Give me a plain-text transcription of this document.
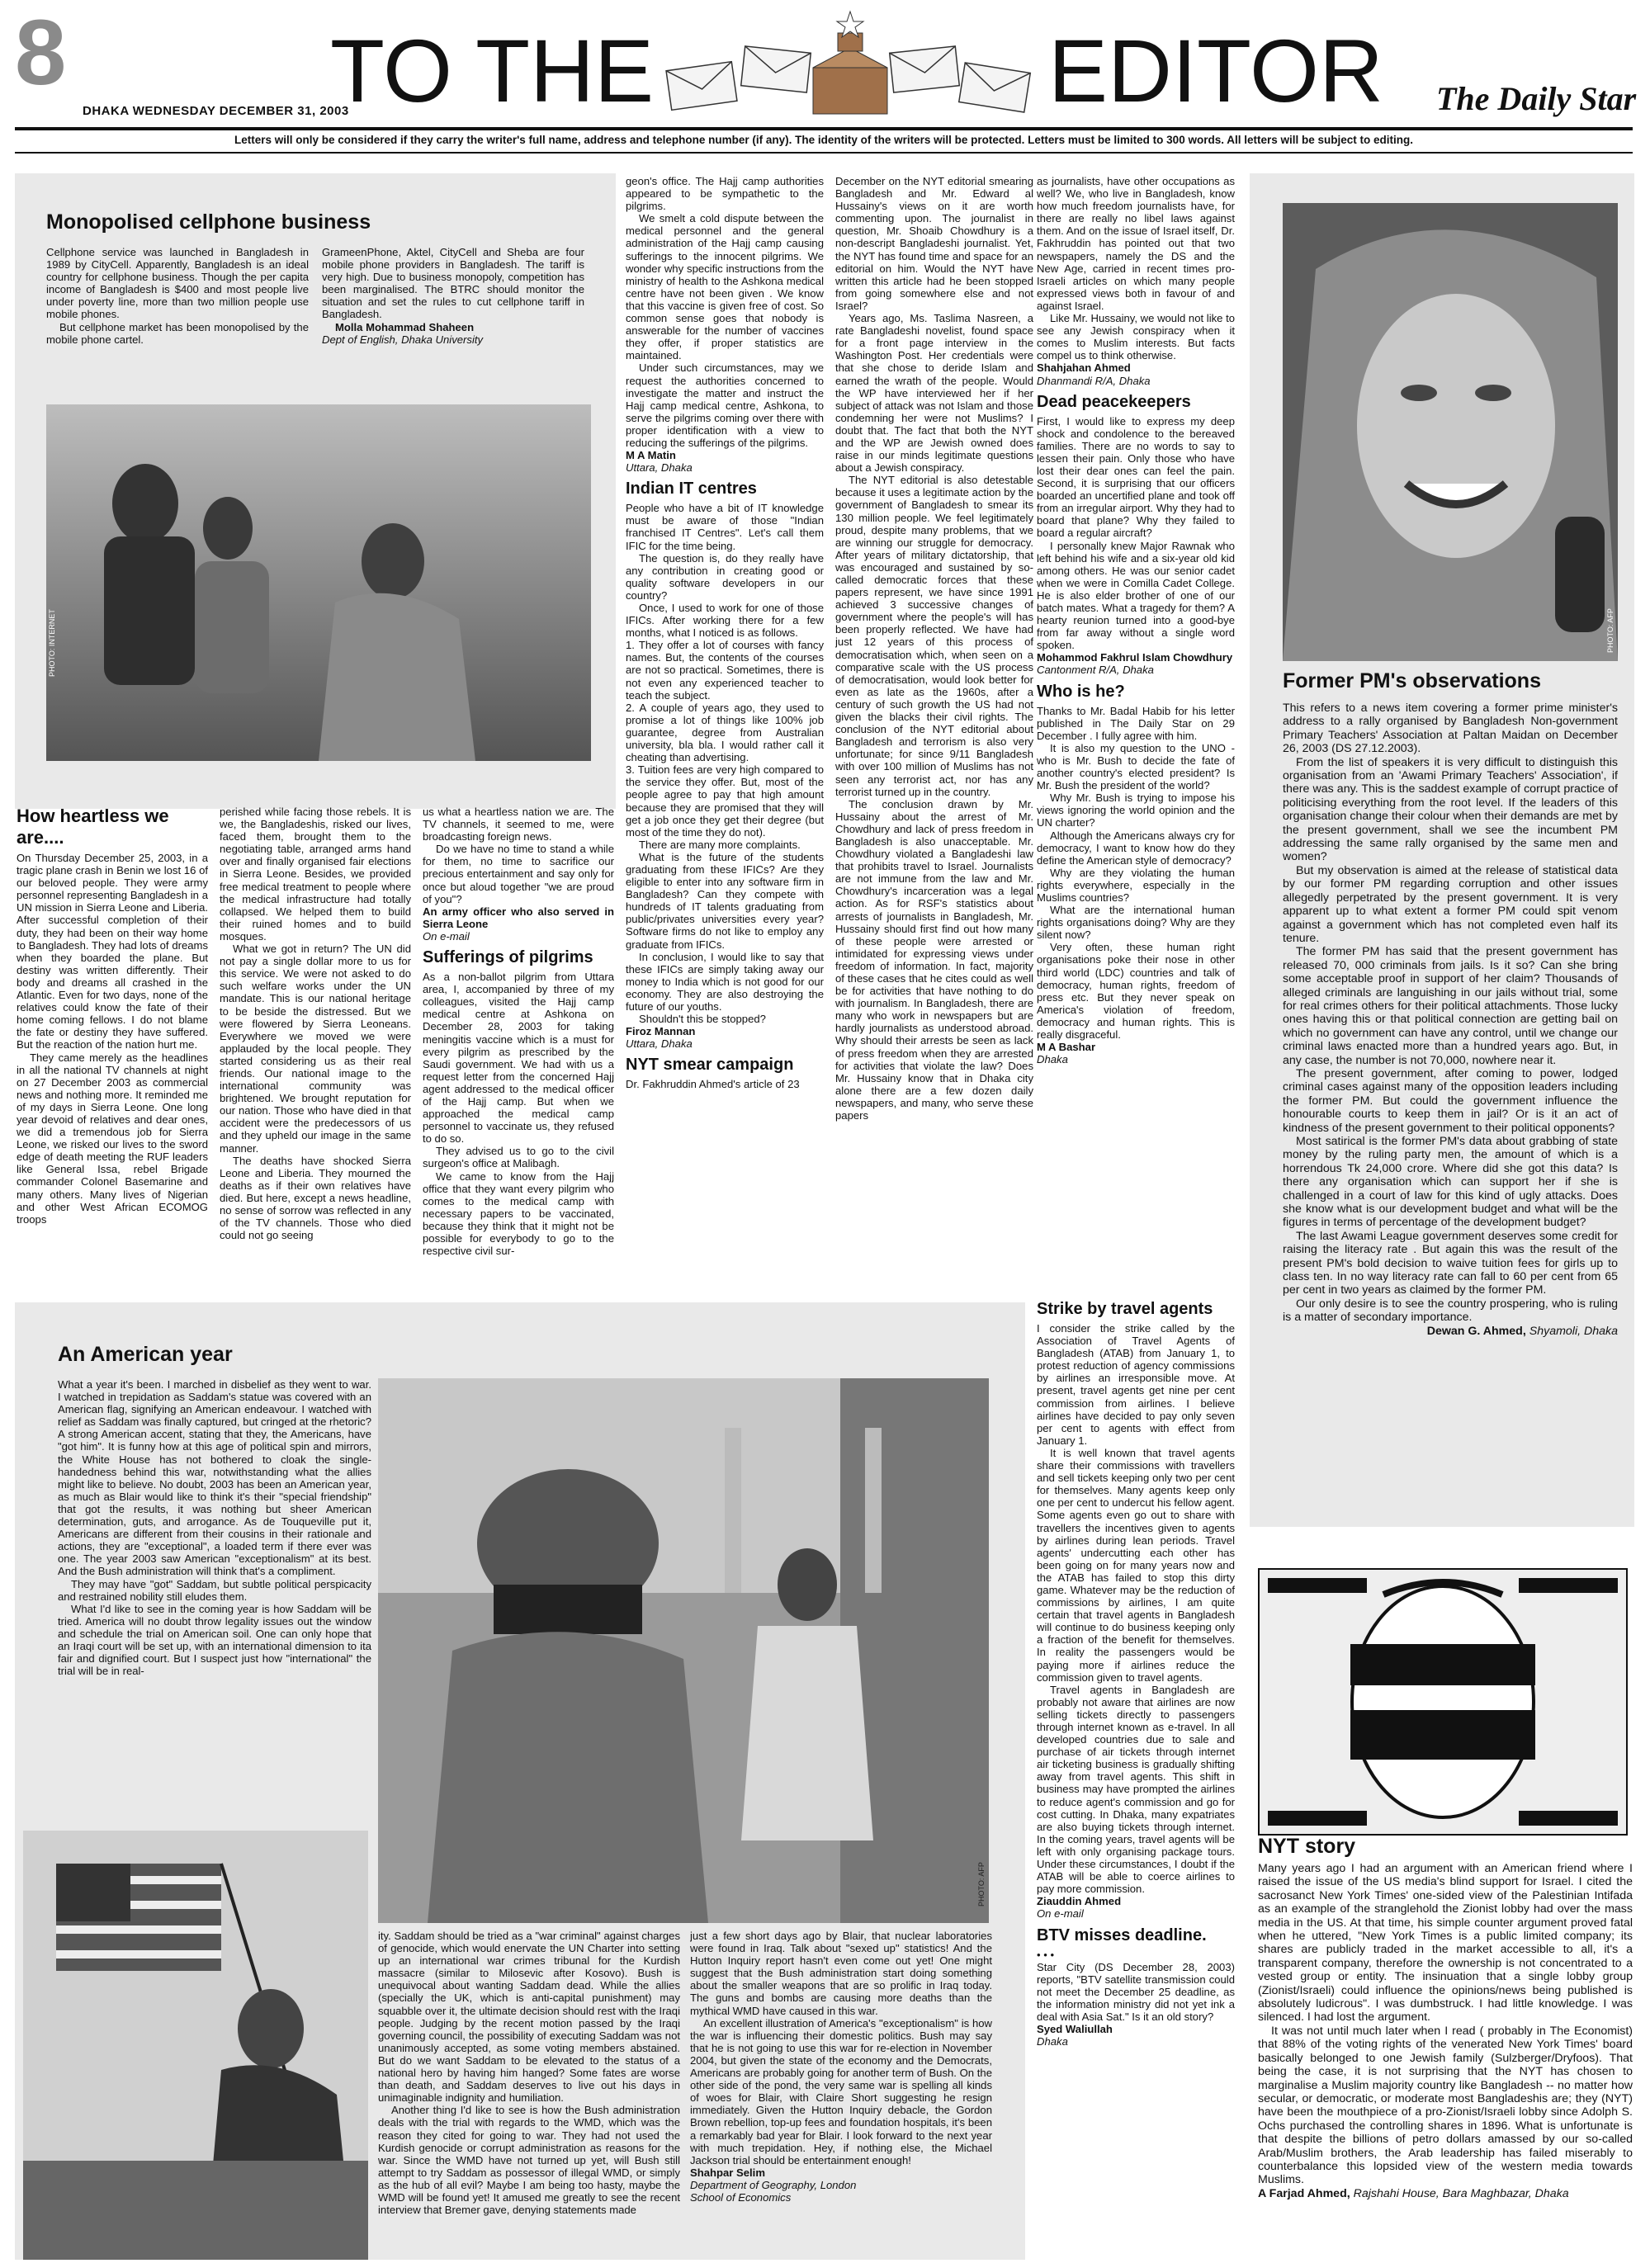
8
DHAKA WEDNESDAY DECEMBER 31, 2003
TO THE	EDITOR The Daily Star
Letters will only be considered if they carry the writer's full name, address and telephone number (if any). The identity of the writers will be protected. Letters must be limited to 300 words. All letters will be subject to editing.
Monopolised cellphone business

Cellphone service was launched in Bangladesh in 1989 by CityCell. Apparently, Bangladesh is an ideal country for cellphone business. Though the per capita income of Bangladesh is $400 and most people live under poverty line, more than two million people use mobile phones.

But cellphone market has been monopolised by the mobile phone cartel.

GrameenPhone, Aktel, CityCell and Sheba are four mobile phone providers in Bangladesh. The tariff is very high. Due to business monopoly, competition has been marginalised. The BTRC should monitor the situation and set the rules to cut cellphone tariff in Bangladesh.

Molla Mohammad Shaheen

Dept of English, Dhaka University

PHOTO: INTERNET
How heartless we are....

On Thursday December 25, 2003, in a tragic plane crash in Benin we lost 16 of our beloved people. They were army personnel representing Bangladesh in a UN mission in Sierra Leone and Liberia. After successful completion of their duty, they had been on their way home to Bangladesh. They had lots of dreams when they boarded the plane. But destiny was written differently. Their body and dreams all crashed in the Atlantic. Even for two days, none of the relatives could know the fate of their home coming fellows. I do not blame the fate or destiny they have suffered. But the reaction of the nation hurt me.

They came merely as the headlines in all the national TV channels at night on 27 December 2003 as commercial news and nothing more. It reminded me of my days in Sierra Leone. One long year devoid of relatives and dear ones, we did a tremendous job for Sierra Leone, we risked our lives to the sword edge of death meeting the RUF leaders like General Issa, rebel Brigade commander Colonel Basemarine and many others. Many lives of Nigerian and other West African ECOMOG troops

perished while facing those rebels. It is we, the Bangladeshis, risked our lives, faced them, brought them to the negotiating table, arranged arms hand over and finally organised fair elections in Sierra Leone. Besides, we provided free medical treatment to people where the medical infrastructure had totally collapsed. We helped them to build their ruined homes and to build mosques.

What we got in return? The UN did not pay a single dollar more to us for this service. We were not asked to do such welfare works under the UN mandate. This is our national heritage to be beside the distressed. But we were flowered by Sierra Leoneans. Everywhere we moved we were applauded by the local people. They started considering us as their real friends. Our national image to the international community was brightened. We brought reputation for our nation. Those who have died in that accident were the predecessors of us and they upheld our image in the same manner.

The deaths have shocked Sierra Leone and Liberia. They mourned the deaths as if their own relatives have died. But here, except a news headline, no sense of sorrow was reflected in any of the TV channels. Those who died could not go seeing

us what a heartless nation we are. The TV channels, it seemed to me, were broadcasting foreign news.

Do we have no time to stand a while for them, no time to sacrifice our precious entertainment and say only for once but aloud together "we are proud of you"?

An army officer who also served in Sierra Leone

On e-mail

Sufferings of pilgrims

As a non-ballot pilgrim from Uttara area, I, accompanied by three of my colleagues, visited the Hajj camp medical centre at Ashkona on December 28, 2003 for taking meningitis vaccine which is a must for every pilgrim as prescribed by the Saudi government. We had with us a request letter from the concerned Hajj agent addressed to the medical officer of the Hajj camp. But when we approached the medical camp personnel to vaccinate us, they refused to do so.

They advised us to go to the civil surgeon's office at Malibagh.

We came to know from the Hajj office that they want every pilgrim who comes to the medical camp with necessary papers to be vaccinated, because they think that it might not be possible for everybody to go to the respective civil sur-

geon's office. The Hajj camp authorities appeared to be sympathetic to the pilgrims.

We smelt a cold dispute between the medical personnel and the general administration of the Hajj camp causing sufferings to the innocent pilgrims. We wonder why specific instructions from the ministry of health to the Ashkona medical centre have not been given . We know that this vaccine is given free of cost. So common sense goes that nobody is answerable for the number of vaccines they offer, if proper statistics are maintained.

Under such circumstances, may we request the authorities concerned to investigate the matter and instruct the Hajj camp medical centre, Ashkona, to serve the pilgrims coming over there with proper identification with a view to reducing the sufferings of the pilgrims.

M A Matin

Uttara, Dhaka

Indian IT centres

People who have a bit of IT knowledge must be aware of those "Indian franchised IT Centres". Let's call them IFIC for the time being.

The question is, do they really have any contribution in creating good or quality software developers in our country?

Once, I used to work for one of those IFICs. After working there for a few months, what I noticed is as follows.

1. They offer a lot of courses with fancy names. But, the contents of the courses are not so practical. Sometimes, there is not even any experienced teacher to teach the subject.

2. A couple of years ago, they used to promise a lot of things like 100% job guarantee, degree from Australian university, bla bla. I would rather call it cheating than advertising.

3. Tuition fees are very high compared to the service they offer. But, most of the people agree to pay that high amount because they are promised that they will get a job once they get their degree (but most of the time they do not).

There are many more complaints.

What is the future of the students graduating from these IFICs? Are they eligible to enter into any software firm in Bangladesh? Can they compete with hundreds of IT talents graduating from public/privates universities every year? Software firms do not like to employ any graduate from IFICs.

In conclusion, I would like to say that these IFICs are simply taking away our money to India which is not good for our economy. They are also destroying the future of our youths.

Shouldn't this be stopped?

Firoz Mannan

Uttara, Dhaka

NYT smear campaign

Dr. Fakhruddin Ahmed's article of 23

December on the NYT editorial smearing Bangladesh and Mr. Edward al Hussainy's views on it are worth commenting upon. The journalist in question, Mr. Shoaib Chowdhury is a non-descript Bangladeshi journalist. Yet, the NYT has found time and space for an editorial on him. Would the NYT have written this article had he been stopped from going somewhere else and not Israel?

Years ago, Ms. Taslima Nasreen, a rate Bangladeshi novelist, found space for a front page interview in the Washington Post. Her credentials were that she chose to deride Islam and earned the wrath of the people. Would the WP have interviewed her if her subject of attack was not Islam and those condemning her were not Muslims? I doubt that. The fact that both the NYT and the WP are Jewish owned does raise in our minds legitimate questions about a Jewish conspiracy.

The NYT editorial is also detestable because it uses a legitimate action by the government of Bangladesh to smear its 130 million people. We feel legitimately proud, despite many problems, that we are winning our struggle for democracy. After years of military dictatorship, that was encouraged and sustained by so-called democratic forces that these papers represent, we have since 1991 achieved 3 successive changes of government where the people's will has been properly reflected. We have had just 12 years of this process of democratisation which, when seen on a comparative scale with the US process of democratisation, would look better for even as late as the 1960s, after a century of such growth the US had not given the blacks their civil rights. The conclusion of the NYT editorial about Bangladesh and terrorism is also very unfortunate; for since 9/11 Bangladesh with over 100 million of Muslims has not seen any terrorist act, nor has any terrorist turned up in the country.

The conclusion drawn by Mr. Hussainy about the arrest of Mr. Chowdhury and lack of press freedom in Bangladesh is also unacceptable. Mr. Chowdhury violated a Bangladeshi law that prohibits travel to Israel. Journalists are not immune from the law and Mr. Chowdhury's incarceration was a legal action. As for RSF's statistics about arrests of journalists in Bangladesh, Mr. Hussainy should first find out how many of these people were arrested or intimidated for expressing views under freedom of information. In fact, majority of these cases that he cites could as well be for activities that have nothing to do with journalism. In Bangladesh, there are many who work in newspapers but are hardly journalists as understood abroad. Why should their arrests be seen as lack of press freedom when they are arrested for activities that violate the law? Does Mr. Hussainy know that in Dhaka city alone there are a few dozen daily newspapers, and many, who serve these papers

as journalists, have other occupations as well? We, who live in Bangladesh, know how much freedom journalists have, for there are really no libel laws against them. And on the issue of Israel itself, Dr. Fakhruddin has pointed out that two newspapers, namely the DS and the New Age, carried in recent times pro-Israeli articles on which many people expressed views both in favour of and against Israel.

Like Mr. Hussainy, we would not like to see any Jewish conspiracy when it comes to Muslim interests. But facts compel us to think otherwise.

Shahjahan Ahmed

Dhanmandi R/A, Dhaka

Dead peacekeepers

First, I would like to express my deep shock and condolence to the bereaved families. There are no words to say to lessen their pain. Only those who have lost their dear ones can feel the pain. Second, it is surprising that our officers boarded an uncertified plane and took off from an irregular airport. Why they had to board that plane? Why they failed to board a regular aircraft?

I personally knew Major Rawnak who left behind his wife and a six-year old kid among others. He was our senior cadet when we were in Comilla Cadet College. He is also elder brother of one of our batch mates. What a tragedy for them? A hearty reunion turned into a good-bye from far away without a single word spoken.

Mohammod Fakhrul Islam Chowdhury

Cantonment R/A, Dhaka

Who is he?

Thanks to Mr. Badal Habib for his letter published in The Daily Star on 29 December . I fully agree with him.

It is also my question to the UNO - who is Mr. Bush to decide the fate of another country's elected president? Is Mr. Bush the president of the world?

Why Mr. Bush is trying to impose his views ignoring the world opinion and the UN charter?

Although the Americans always cry for democracy, I want to know how do they define the American style of democracy?

Why are they violating the human rights everywhere, especially in the Muslims countries?

What are the international human rights organisations doing? Why are they silent now?

Very often, these human right organisations poke their nose in other third world (LDC) countries and talk of democracy, human rights, freedom of press etc. But they never speak on America's violation of freedom, democracy and human rights. This is really disgraceful.

M A Bashar

Dhaka

Strike by travel agents

I consider the strike called by the Association of Travel Agents of Bangladesh (ATAB) from January 1, to protest reduction of agency commissions by airlines an irresponsible move. At present, travel agents get nine per cent commission from airlines. I believe airlines have decided to pay only seven per cent to agents with effect from January 1.

It is well known that travel agents share their commissions with travellers and sell tickets keeping only two per cent for themselves. Many agents keep only one per cent to undercut his fellow agent. Some agents even go out to share with travellers the incentives given to agents by airlines during lean periods. Travel agents' undercutting each other has been going on for many years now and the ATAB has failed to stop this dirty game. Whatever may be the reduction of commissions by airlines, I am quite certain that travel agents in Bangladesh will continue to do business keeping only a fraction of the benefit for themselves. In reality the passengers would be paying more if airlines reduce the commission given to travel agents.

Travel agents in Bangladesh are probably not aware that airlines are now selling tickets directly to passengers through internet known as e-travel. In all developed countries due to sale and purchase of air tickets through internet air ticketing business is gradually shifting away from travel agents. This shift in business may have prompted the airlines to reduce agent's commission and go for cost cutting. In Dhaka, many expatriates are also buying tickets through internet. In the coming years, travel agents will be left with only organising package tours. Under these circumstances, I doubt if the ATAB will be able to coerce airlines to pay more commission.

Ziauddin Ahmed

On e-mail

BTV misses deadline.

• • •

Star City (DS December 28, 2003) reports, "BTV satellite transmission could not meet the December 25 deadline, as the information ministry did not yet ink a deal with Asia Sat." Is it an old story?

Syed Waliullah

Dhaka

PHOTO: AFP
Former PM's observations

This refers to a news item covering a former prime minister's address to a rally organised by Bangladesh Non-government Primary Teachers' Association at Paltan Maidan on December 26, 2003 (DS 27.12.2003).

From the list of speakers it is very difficult to distinguish this organisation from an 'Awami Primary Teachers' Association', if there was any. This is the saddest example of corrupt practice of politicising everything from the root level. If the leaders of this organisation change their colour when their demands are met by the present government, shall we see the incumbent PM addressing the same rally organised by the same men and women?

But my observation is aimed at the release of statistical data by our former PM regarding corruption and other issues allegedly perpetrated by the present government. It is very apparent up to what extent a former PM could spit venom against a government which has not completed even half its tenure.

The former PM has said that the present government has released 70, 000 criminals from jails. Is it so? Can she bring some acceptable proof in support of her claim? Thousands of alleged criminals are languishing in our jails without trial, some for real crimes others for their political attachments. Those lucky ones having this or that political connection are getting bail on which no government can have any control, until we change our criminal laws enacted more than a hundred years ago. But, in any case, the number is not 70,000, nowhere near it.

The present government, after coming to power, lodged criminal cases against many of the opposition leaders including the former PM. But could the government influence the honourable courts to keep them in jail? Or is it an act of kindness of the present government to their political opponents?

Most satirical is the former PM's data about grabbing of state money by the ruling party men, the amount of which is a horrendous Tk 24,000 crore. Where did she got this data? Is there any organisation which can support her if she is challenged in a court of law for this kind of ugly attacks. Does she know what is our development budget and what will be the figures in terms of percentage of the development budget?

The last Awami League government deserves some credit for raising the literacy rate . But again this was the result of the present PM's bold decision to waive tuition fees for girls up to class ten. In no way literacy rate can fall to 60 per cent from 65 per cent in two years as claimed by the former PM.

Our only desire is to see the country prospering, who is ruling is a matter of secondary importance.

Dewan G. Ahmed, Shyamoli, Dhaka

NYT story

Many years ago I had an argument with an American friend where I raised the issue of the US media's blind support for Israel. I cited the sacrosanct New York Times' one-sided view of the Palestinian Intifada as an example of the stranglehold the Zionist lobby had over the mass media in the US. At that time, his simple counter argument proved fatal when he uttered, "New York Times is a public limited company; its shares are publicly traded in the market accessible to all, it's a transparent company, therefore the ownership is not concentrated to a vested group or entity. The insinuation that a single lobby group (Zionist/Israeli) could influence the opinions/news being published is absolutely ludicrous". I was dumbstruck. I had little knowledge. I was silenced. I had lost the argument.

It was not until much later when I read ( probably in The Economist) that 88% of the voting rights of the venerated New York Times' board basically belonged to one Jewish family (Sulzberger/Dryfoos). That being the case, it is not surprising that the NYT has chosen to marginalise a Muslim majority country like Bangladesh -- no matter how secular, or democratic, or moderate most Bangladeshis are; they (NYT) have been the mouthpiece of a pro-Zionist/Israeli lobby since Adolph S. Ochs purchased the controlling shares in 1896. What is unfortunate is that despite the billions of petro dollars amassed by our so-called Arab/Muslim brothers, the Arab leadership has failed miserably to counterbalance this lopsided view of the western media towards Muslims.

A Farjad Ahmed, Rajshahi House, Bara Maghbazar, Dhaka

An American year

What a year it's been. I marched in disbelief as they went to war. I watched in trepidation as Saddam's statue was covered with an American flag, signifying an American endeavour. I watched with relief as Saddam was finally captured, but cringed at the rhetoric? A strong American accent, stating that they, the Americans, have "got him". It is funny how at this age of political spin and mirrors, the White House has not bothered to cloak the single-handedness behind this war, notwithstanding what the allies might like to believe. No doubt, 2003 has been an American year, as much as Blair would like to think it's their "special friendship" that got the results, it was nothing but sheer American determination, guts, and arrogance. As de Touqueville put it, Americans are different from their cousins in their rationale and actions, they are "exceptional", a loaded term if there ever was one. The year 2003 saw American "exceptionalism" at its best. And the Bush administration will think that's a compliment.

They may have "got" Saddam, but subtle political perspicacity and restrained nobility still eludes them.

What I'd like to see in the coming year is how Saddam will be tried. America will no doubt throw legality issues out the window and schedule the trial on American soil. One can only hope that an Iraqi court will be set up, with an international dimension to ita fair and dignified court. But I suspect just how "international" the trial will be in real-

PHOTO: AFP

ity. Saddam should be tried as a "war criminal" against charges of genocide, which would enervate the UN Charter into setting up an international war crimes tribunal for the Kurdish massacre (similar to Milosevic after Kosovo). Bush is unequivocal about wanting Saddam dead. While the allies (specially the UK, which is anti-capital punishment) may squabble over it, the ultimate decision should rest with the Iraqi people. Judging by the recent motion passed by the Iraqi governing council, the possibility of executing Saddam was not unanimously accepted, as some voting members abstained. But do we want Saddam to be elevated to the status of a national hero by having him hanged? Some fates are worse than death, and Saddam deserves to live out his days in unimaginable indignity and humiliation.

Another thing I'd like to see is how the Bush administration deals with the trial with regards to the WMD, which was the reason they cited for going to war. They had not used the Kurdish genocide or corrupt administration as reasons for the war. Since the WMD have not turned up yet, will Bush still attempt to try Saddam as possessor of illegal WMD, or simply as the hub of all evil? Maybe I am being too hasty, maybe the WMD will be found yet! It amused me greatly to see the recent interview that Bremer gave, denying statements made

just a few short days ago by Blair, that nuclear laboratories were found in Iraq. Talk about "sexed up" statistics! And the Hutton Inquiry report hasn't even come out yet! One might suggest that the Bush administration start doing something about the smaller weapons that are so prolific in Iraq today. The guns and bombs are causing more deaths than the mythical WMD have caused in this war.

An excellent illustration of America's "exceptionalism" is how the war is influencing their domestic politics. Bush may say that he is not going to use this war for re-election in November 2004, but given the state of the economy and the Democrats, Americans are probably going for another term of Bush. On the other side of the pond, the very same war is spelling all kinds of woes for Blair, with Claire Short suggesting he resign immediately. Given the Hutton Inquiry debacle, the Gordon Brown rebellion, top-up fees and foundation hospitals, it's been a remarkably bad year for Blair. I look forward to the next year with much trepidation. Hey, if nothing else, the Michael Jackson trial should be entertainment enough!

Shahpar Selim

Department of Geography, London

School of Economics
